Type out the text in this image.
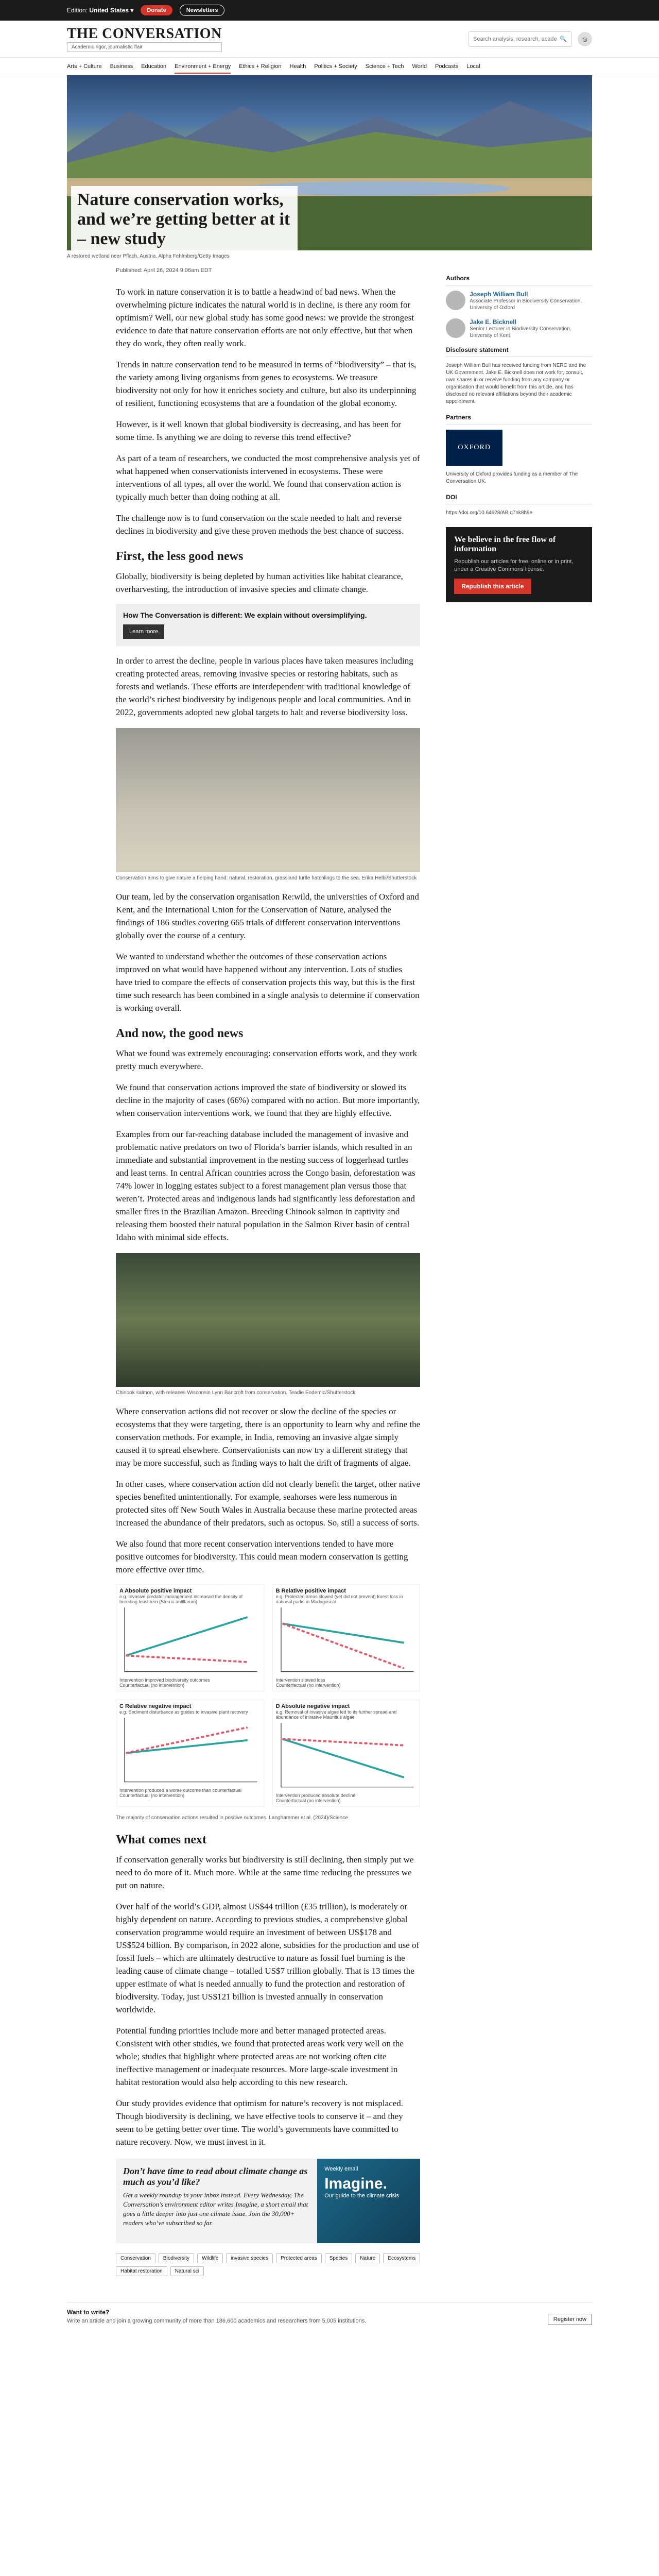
Edition: United States ▾	Donate	Newsletters
THE CONVERSATION
Academic rigor, journalistic flair
Search analysis, research, academics...
🔍	☺
Arts + Culture Business Education Environment + Energy Ethics + Religion Health Politics + Society Science + Tech World Podcasts Local
Nature conservation works, and we’re getting better at it – new study
A restored wetland near Pflach, Austria. Alpha Fehlmberg/Getty Images

Published: April 26, 2024 9:06am EDT

To work in nature conservation it is to battle a headwind of bad news. When the overwhelming picture indicates the natural world is in decline, is there any room for optimism? Well, our new global study has some good news: we provide the strongest evidence to date that nature conservation efforts are not only effective, but that when they do work, they often really work.

Trends in nature conservation tend to be measured in terms of “biodiversity” – that is, the variety among living organisms from genes to ecosystems. We treasure biodiversity not only for how it enriches society and culture, but also its underpinning of resilient, functioning ecosystems that are a foundation of the global economy.

However, is it well known that global biodiversity is decreasing, and has been for some time. Is anything we are doing to reverse this trend effective?

As part of a team of researchers, we conducted the most comprehensive analysis yet of what happened when conservationists intervened in ecosystems. These were interventions of all types, all over the world. We found that conservation action is typically much better than doing nothing at all.

The challenge now is to fund conservation on the scale needed to halt and reverse declines in biodiversity and give these proven methods the best chance of success.

First, the less good news

Globally, biodiversity is being depleted by human activities like habitat clearance, overharvesting, the introduction of invasive species and climate change.

How The Conversation is different: We explain without oversimplifying.
Learn more

In order to arrest the decline, people in various places have taken measures including creating protected areas, removing invasive species or restoring habitats, such as forests and wetlands. These efforts are interdependent with traditional knowledge of the world’s richest biodiversity by indigenous people and local communities. And in 2022, governments adopted new global targets to halt and reverse biodiversity loss.

Conservation aims to give nature a helping hand: natural, restoration, grassland turtle hatchlings to the sea. Erika Helbi/Shutterstock

Our team, led by the conservation organisation Re:wild, the universities of Oxford and Kent, and the International Union for the Conservation of Nature, analysed the findings of 186 studies covering 665 trials of different conservation interventions globally over the course of a century.

We wanted to understand whether the outcomes of these conservation actions improved on what would have happened without any intervention. Lots of studies have tried to compare the effects of conservation projects this way, but this is the first time such research has been combined in a single analysis to determine if conservation is working overall.

And now, the good news

What we found was extremely encouraging: conservation efforts work, and they work pretty much everywhere.

We found that conservation actions improved the state of biodiversity or slowed its decline in the majority of cases (66%) compared with no action. But more importantly, when conservation interventions work, we found that they are highly effective.

Examples from our far-reaching database included the management of invasive and problematic native predators on two of Florida’s barrier islands, which resulted in an immediate and substantial improvement in the nesting success of loggerhead turtles and least terns. In central African countries across the Congo basin, deforestation was 74% lower in logging estates subject to a forest management plan versus those that weren’t. Protected areas and indigenous lands had significantly less deforestation and smaller fires in the Brazilian Amazon. Breeding Chinook salmon in captivity and releasing them boosted their natural population in the Salmon River basin of central Idaho with minimal side effects.

Chinook salmon, with releases Wisconsin Lynn Bancroft from conservation. Teadie Endemic/Shutterstock

Where conservation actions did not recover or slow the decline of the species or ecosystems that they were targeting, there is an opportunity to learn why and refine the conservation methods. For example, in India, removing an invasive algae simply caused it to spread elsewhere. Conservationists can now try a different strategy that may be more successful, such as finding ways to halt the drift of fragments of algae.

In other cases, where conservation action did not clearly benefit the target, other native species benefited unintentionally. For example, seahorses were less numerous in protected sites off New South Wales in Australia because these marine protected areas increased the abundance of their predators, such as octopus. So, still a success of sorts.

We also found that more recent conservation interventions tended to have more positive outcomes for biodiversity. This could mean modern conservation is getting more effective over time.

A Absolute positive impact
e.g. Invasive predator management increased the density of breeding least tern (Sterna antillarum)
Intervention improved biodiversity outcomes
Counterfactual (no intervention)
B Relative positive impact
e.g. Protected areas slowed (yet did not prevent) forest loss in national parks in Madagascar
Intervention slowed loss
Counterfactual (no intervention)
C Relative negative impact
e.g. Sediment disturbance as guides to invasive plant recovery
Intervention produced a worse outcome than counterfactual
Counterfactual (no intervention)
D Absolute negative impact
e.g. Removal of invasive algae led to its further spread and abundance of invasive Mauritius algae
Intervention produced absolute decline
Counterfactual (no intervention)
The majority of conservation actions resulted in positive outcomes. Langhammer et al. (2024)/Science
What comes next

If conservation generally works but biodiversity is still declining, then simply put we need to do more of it. Much more. While at the same time reducing the pressures we put on nature.

Over half of the world’s GDP, almost US$44 trillion (£35 trillion), is moderately or highly dependent on nature. According to previous studies, a comprehensive global conservation programme would require an investment of between US$178 and US$524 billion. By comparison, in 2022 alone, subsidies for the production and use of fossil fuels – which are ultimately destructive to nature as fossil fuel burning is the leading cause of climate change – totalled US$7 trillion globally. That is 13 times the upper estimate of what is needed annually to fund the protection and restoration of biodiversity. Today, just US$121 billion is invested annually in conservation worldwide.

Potential funding priorities include more and better managed protected areas. Consistent with other studies, we found that protected areas work very well on the whole; studies that highlight where protected areas are not working often cite ineffective management or inadequate resources. More large-scale investment in habitat restoration would also help according to this new research.

Our study provides evidence that optimism for nature’s recovery is not misplaced. Though biodiversity is declining, we have effective tools to conserve it – and they seem to be getting better over time. The world’s governments have committed to nature recovery. Now, we must invest in it.

Don’t have time to read about climate change as much as you’d like?

Get a weekly roundup in your inbox instead. Every Wednesday, The Conversation’s environment editor writes Imagine, a short email that goes a little deeper into just one climate issue. Join the 30,000+ readers who’ve subscribed so far.

Weekly email
Imagine.
Our guide to the climate crisis
Conservation	Biodiversity	Wildlife	invasive species	Protected areas	Species	Nature	Ecosystems
Habitat restoration	Natural sci
Authors
Joseph William Bull
Associate Professor in Biodiversity Conservation, University of Oxford
Jake E. Bicknell
Senior Lecturer in Biodiversity Conservation, University of Kent
Disclosure statement
Joseph William Bull has received funding from NERC and the UK Government. Jake E. Bicknell does not work for, consult, own shares in or receive funding from any company or organisation that would benefit from this article, and has disclosed no relevant affiliations beyond their academic appointment.
Partners
OXFORD
University of Oxford provides funding as a member of The Conversation UK.
DOI
https://doi.org/10.64628/AB.q7nk8h9e
We believe in the free flow of information

Republish our articles for free, online or in print, under a Creative Commons license.

Republish this article
Want to write?
Write an article and join a growing community of more than 186,600 academics and researchers from 5,005 institutions.	Register now
